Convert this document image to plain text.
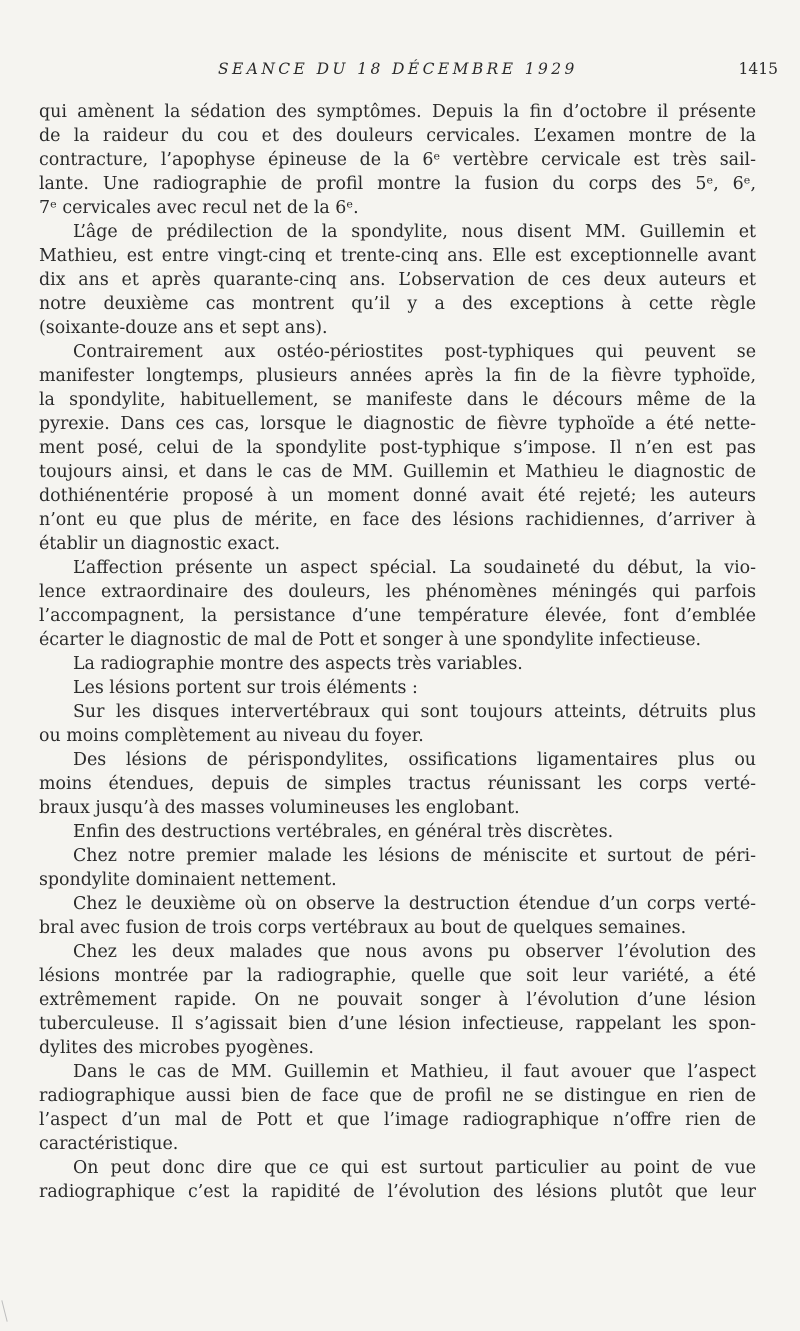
SEANCE DU 18 DÉCEMBRE 1929	1415
qui amènent la sédation des symptômes. Depuis la fin d’octobre il présente
de la raideur du cou et des douleurs cervicales. L’examen montre de la
contracture, l’apophyse épineuse de la 6ᵉ vertèbre cervicale est très sail-
lante. Une radiographie de profil montre la fusion du corps des 5ᵉ, 6ᵉ,
7ᵉ cervicales avec recul net de la 6ᵉ.
L’âge de prédilection de la spondylite, nous disent MM. Guillemin et
Mathieu, est entre vingt-cinq et trente-cinq ans. Elle est exceptionnelle avant
dix ans et après quarante-cinq ans. L’observation de ces deux auteurs et
notre deuxième cas montrent qu’il y a des exceptions à cette règle
(soixante-douze ans et sept ans).
Contrairement aux ostéo-périostites post-typhiques qui peuvent se
manifester longtemps, plusieurs années après la fin de la fièvre typhoïde,
la spondylite, habituellement, se manifeste dans le décours même de la
pyrexie. Dans ces cas, lorsque le diagnostic de fièvre typhoïde a été nette-
ment posé, celui de la spondylite post-typhique s’impose. Il n’en est pas
toujours ainsi, et dans le cas de MM. Guillemin et Mathieu le diagnostic de
dothiénentérie proposé à un moment donné avait été rejeté; les auteurs
n’ont eu que plus de mérite, en face des lésions rachidiennes, d’arriver à
établir un diagnostic exact.
L’affection présente un aspect spécial. La soudaineté du début, la vio-
lence extraordinaire des douleurs, les phénomènes méningés qui parfois
l’accompagnent, la persistance d’une température élevée, font d’emblée
écarter le diagnostic de mal de Pott et songer à une spondylite infectieuse.
La radiographie montre des aspects très variables.
Les lésions portent sur trois éléments :
Sur les disques intervertébraux qui sont toujours atteints, détruits plus
ou moins complètement au niveau du foyer.
Des lésions de périspondylites, ossifications ligamentaires plus ou
moins étendues, depuis de simples tractus réunissant les corps verté-
braux jusqu’à des masses volumineuses les englobant.
Enfin des destructions vertébrales, en général très discrètes.
Chez notre premier malade les lésions de méniscite et surtout de péri-
spondylite dominaient nettement.
Chez le deuxième où on observe la destruction étendue d’un corps verté-
bral avec fusion de trois corps vertébraux au bout de quelques semaines.
Chez les deux malades que nous avons pu observer l’évolution des
lésions montrée par la radiographie, quelle que soit leur variété, a été
extrêmement rapide. On ne pouvait songer à l’évolution d’une lésion
tuberculeuse. Il s’agissait bien d’une lésion infectieuse, rappelant les spon-
dylites des microbes pyogènes.
Dans le cas de MM. Guillemin et Mathieu, il faut avouer que l’aspect
radiographique aussi bien de face que de profil ne se distingue en rien de
l’aspect d’un mal de Pott et que l’image radiographique n’offre rien de
caractéristique.
On peut donc dire que ce qui est surtout particulier au point de vue
radiographique c’est la rapidité de l’évolution des lésions plutôt que leur
